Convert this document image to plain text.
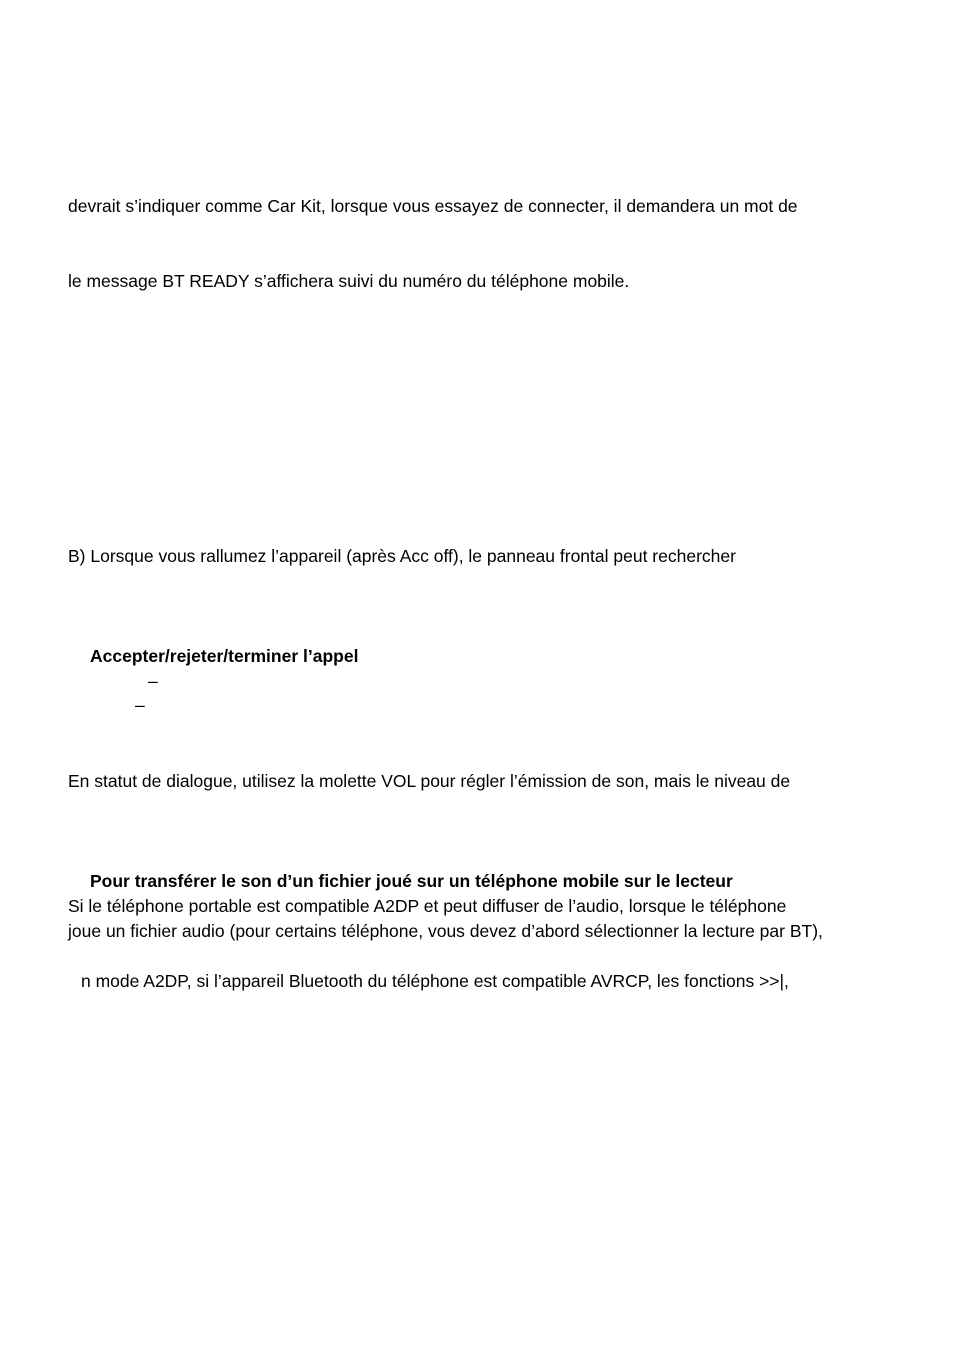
devrait s’indiquer comme Car Kit, lorsque vous essayez de connecter, il demandera un mot de
le message BT READY s’affichera suivi du numéro du téléphone mobile.
B) Lorsque vous rallumez l’appareil (après Acc off), le panneau frontal peut rechercher
Accepter/rejeter/terminer l’appel
–
–
En statut de dialogue, utilisez la molette VOL pour régler l’émission de son, mais le niveau de
Pour transférer le son d’un fichier joué sur un téléphone mobile sur le lecteur
Si le téléphone portable est compatible A2DP et peut diffuser de l’audio, lorsque le téléphone
joue un fichier audio (pour certains téléphone, vous devez d’abord sélectionner la lecture par BT),
n mode A2DP, si l’appareil Bluetooth du téléphone est compatible AVRCP, les fonctions >>|,
